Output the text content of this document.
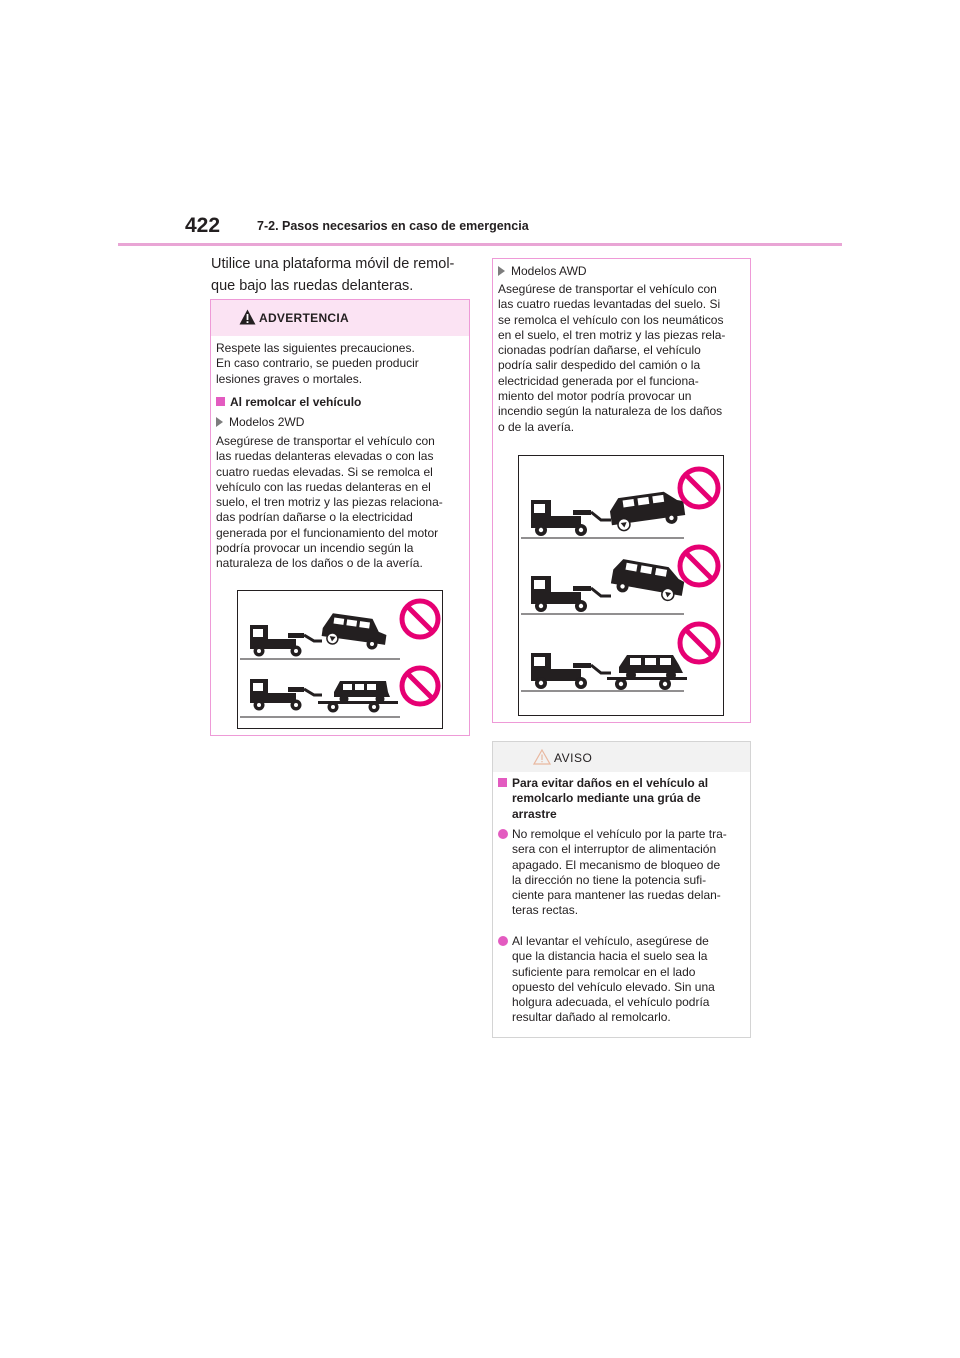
422	7-2. Pasos necesarios en caso de emergencia
Utilice una plataforma móvil de remol-
que bajo las ruedas delanteras.
ADVERTENCIA
Respete las siguientes precauciones.
En caso contrario, se pueden producir
lesiones graves o mortales.
Al remolcar el vehículo
Modelos 2WD
Asegúrese de transportar el vehículo con
las ruedas delanteras elevadas o con las
cuatro ruedas elevadas. Si se remolca el
vehículo con las ruedas delanteras en el
suelo, el tren motriz y las piezas relaciona-
das podrían dañarse o la electricidad
generada por el funcionamiento del motor
podría provocar un incendio según la
naturaleza de los daños o de la avería.
Modelos AWD
Asegúrese de transportar el vehículo con
las cuatro ruedas levantadas del suelo. Si
se remolca el vehículo con los neumáticos
en el suelo, el tren motriz y las piezas rela-
cionadas podrían dañarse, el vehículo
podría salir despedido del camión o la
electricidad generada por el funciona-
miento del motor podría provocar un
incendio según la naturaleza de los daños
o de la avería.
AVISO
Para evitar daños en el vehículo al
remolcarlo mediante una grúa de
arrastre
No remolque el vehículo por la parte tra-
sera con el interruptor de alimentación
apagado. El mecanismo de bloqueo de
la dirección no tiene la potencia sufi-
ciente para mantener las ruedas delan-
teras rectas.
Al levantar el vehículo, asegúrese de
que la distancia hacia el suelo sea la
suficiente para remolcar en el lado
opuesto del vehículo elevado. Sin una
holgura adecuada, el vehículo podría
resultar dañado al remolcarlo.
